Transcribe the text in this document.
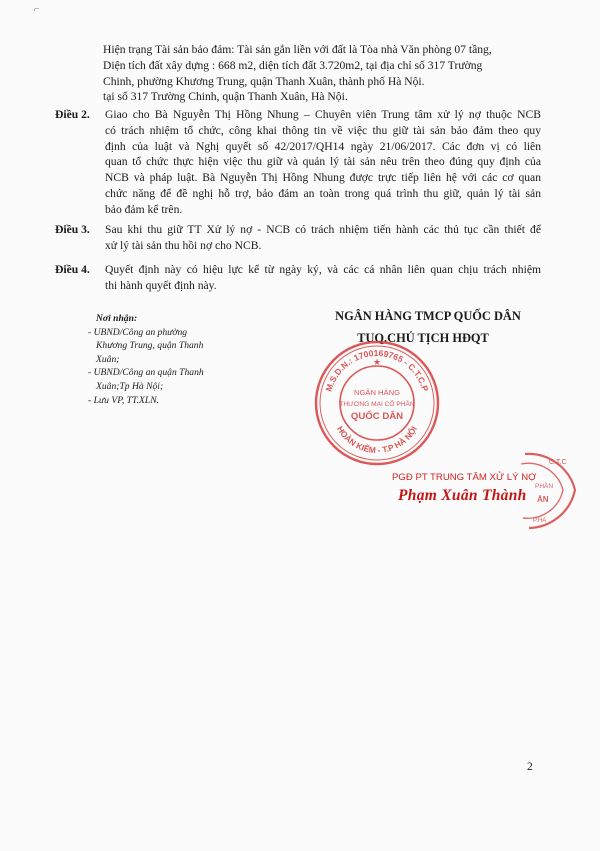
⌐
Hiện trạng Tài sản bảo đảm: Tài sản gắn liền với đất là Tòa nhà Văn phòng 07 tầng,
Diện tích đất xây dựng : 668 m2, diện tích đất 3.720m2, tại địa chỉ số 317 Trường
Chinh, phường Khương Trung, quận Thanh Xuân, thành phố Hà Nội.
tại số 317 Trường Chinh, quận Thanh Xuân, Hà Nội.
Điều 2. Giao cho Bà Nguyễn Thị Hồng Nhung – Chuyên viên Trung tâm xử lý nợ thuộc NCB
có trách nhiệm tổ chức, công khai thông tin về việc thu giữ tài sản bảo đảm theo quy
định của luật và Nghị quyết số 42/2017/QH14 ngày 21/06/2017. Các đơn vị có liên
quan tổ chức thực hiện việc thu giữ và quản lý tài sản nêu trên theo đúng quy định của
NCB và pháp luật. Bà Nguyễn Thị Hồng Nhung được trực tiếp liên hệ với các cơ quan
chức năng để đề nghị hỗ trợ, bảo đảm an toàn trong quá trình thu giữ, quản lý tài sản
bảo đảm kể trên.
Điều 3. Sau khi thu giữ TT Xử lý nợ - NCB có trách nhiệm tiến hành các thủ tục cần thiết để
xử lý tài sản thu hồi nợ cho NCB.
Điều 4. Quyết định này có hiệu lực kể từ ngày ký, và các cá nhân liên quan chịu trách nhiệm
thi hành quyết định này.
Nơi nhận:
- UBND/Công an phường
Khương Trung, quận Thanh
Xuân;
- UBND/Công an quận Thanh
Xuân;Tp Hà Nội;
- Lưu VP, TT.XLN.
NGÂN HÀNG TMCP QUỐC DÂN
TUQ.CHỦ TỊCH HĐQT
M.S.D.N.: 1700169765 - C.T.C.P
HOÀN KIẾM - T.P HÀ NỘI
NGÂN HÀNG
THƯƠNG MẠI CỔ PHẦN
QUỐC DÂN
★
C.T.C
PHẦN
ÂN
P.HÀ
PGĐ PT TRUNG TÂM XỬ LÝ NỢ
Phạm Xuân Thành
2
